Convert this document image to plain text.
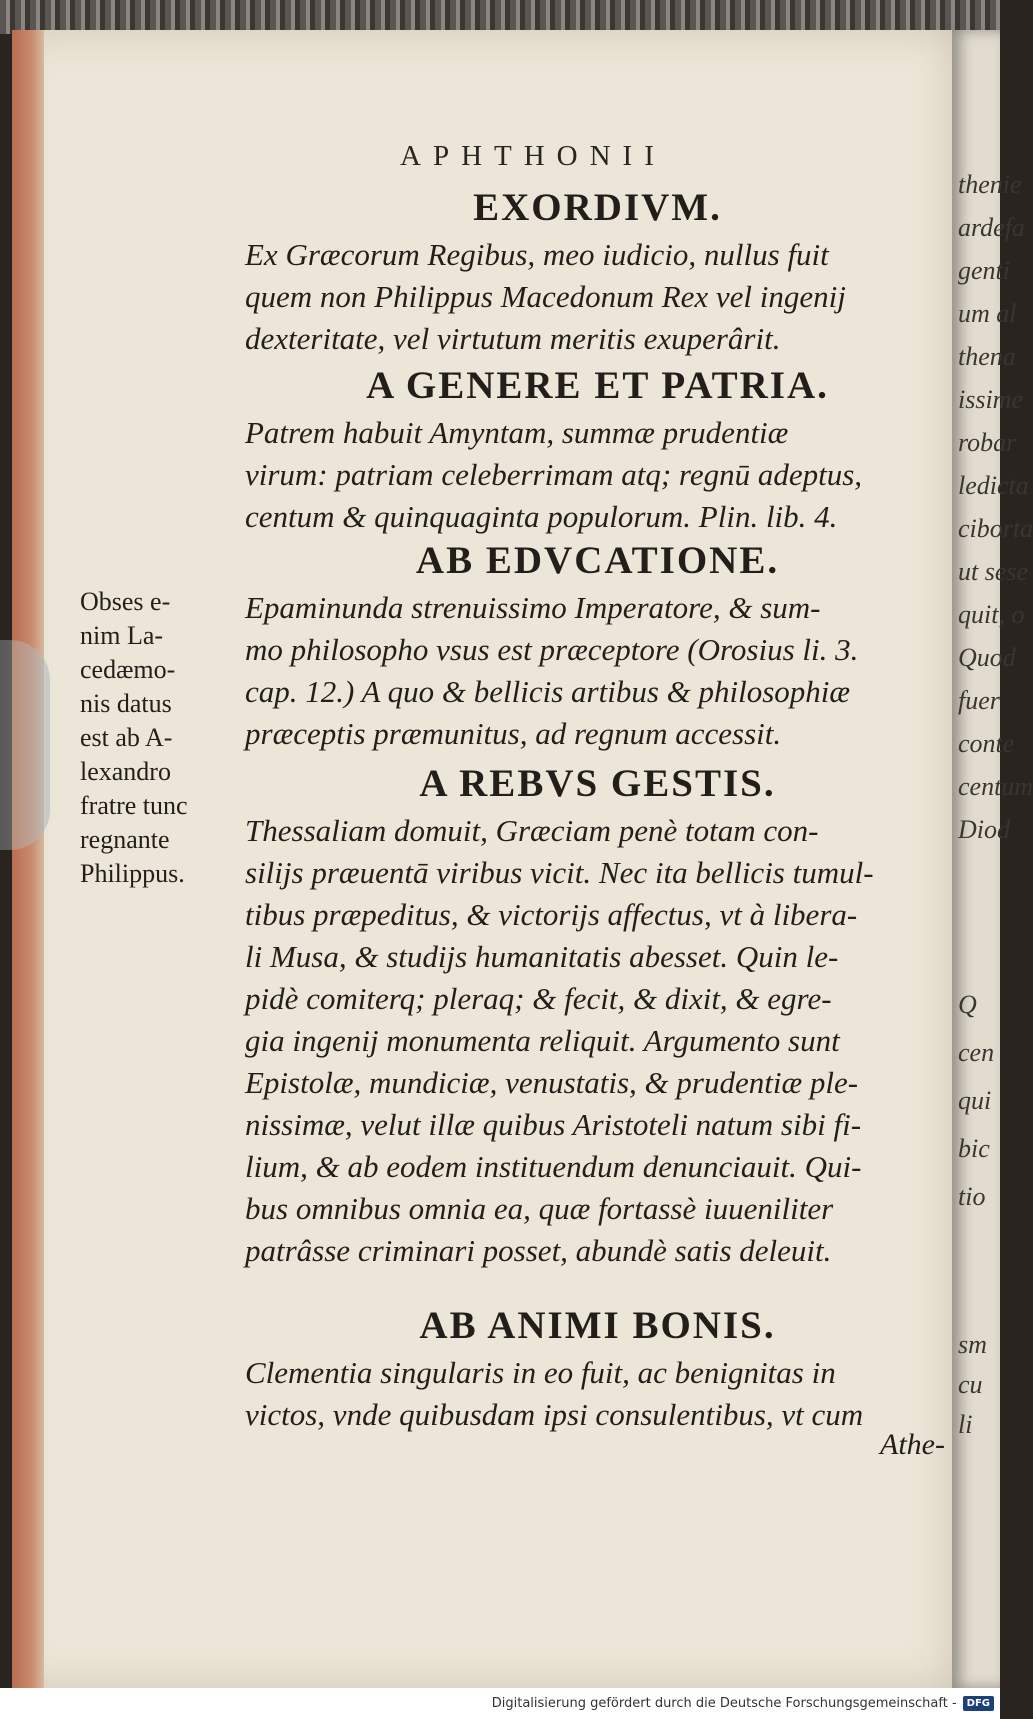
thenie
ardefa
genti
um al
thena
issime
robar
ledicta
ciborta
ut sese
quit, o
Quod
fuer
conte
centum
Diod
Q
cen
qui
bic
tio
sm
cu
li
APHTHONII
EXORDIVM.

Ex Græcorum Regibus, meo iudicio, nullus fuit

quem non Philippus Macedonum Rex vel ingenij

dexteritate, vel virtutum meritis exuperârit.

A GENERE ET PATRIA.

Patrem habuit Amyntam, summæ prudentiæ

virum: patriam celeberrimam atq; regnū adeptus,

centum & quinquaginta populorum. Plin. lib. 4.

AB EDVCATIONE.

Epaminunda strenuissimo Imperatore, & sum-

mo philosopho vsus est præceptore (Orosius li. 3.

cap. 12.) A quo & bellicis artibus & philosophiæ

præceptis præmunitus, ad regnum accessit.

A REBVS GESTIS.

Thessaliam domuit, Græciam penè totam con-

silijs præuentā viribus vicit. Nec ita bellicis tumul-

tibus præpeditus, & victorijs affectus, vt à libera-

li Musa, & studijs humanitatis abesset. Quin le-

pidè comiterq; pleraq; & fecit, & dixit, & egre-

gia ingenij monumenta reliquit. Argumento sunt

Epistolæ, mundiciæ, venustatis, & prudentiæ ple-

nissimæ, velut illæ quibus Aristoteli natum sibi fi-

lium, & ab eodem instituendum denunciauit. Qui-

bus omnibus omnia ea, quæ fortassè iuueniliter

patrâsse criminari posset, abundè satis deleuit.

AB ANIMI BONIS.

Clementia singularis in eo fuit, ac benignitas in

victos, vnde quibusdam ipsi consulentibus, vt cum

Athe-
Obses e-
nim La-
cedæmo-
nis datus
est ab A-
lexandro
fratre tunc
regnante
Philippus.
Digitalisierung gefördert durch die Deutsche Forschungsgemeinschaft -	DFG
